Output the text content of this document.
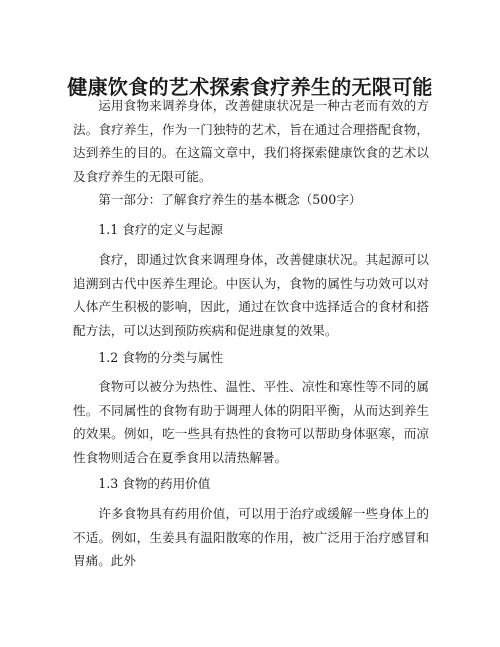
健康饮食的艺术探索食疗养生的无限可能

运用食物来调养身体，改善健康状况是一种古老而有效的方法。食疗养生，作为一门独特的艺术，旨在通过合理搭配食物，达到养生的目的。在这篇文章中，我们将探索健康饮食的艺术以及食疗养生的无限可能。

第一部分：了解食疗养生的基本概念（500字）

1.1 食疗的定义与起源

食疗，即通过饮食来调理身体，改善健康状况。其起源可以追溯到古代中医养生理论。中医认为，食物的属性与功效可以对人体产生积极的影响，因此，通过在饮食中选择适合的食材和搭配方法，可以达到预防疾病和促进康复的效果。

1.2 食物的分类与属性

食物可以被分为热性、温性、平性、凉性和寒性等不同的属性。不同属性的食物有助于调理人体的阴阳平衡，从而达到养生的效果。例如，吃一些具有热性的食物可以帮助身体驱寒，而凉性食物则适合在夏季食用以清热解暑。

1.3 食物的药用价值

许多食物具有药用价值，可以用于治疗或缓解一些身体上的不适。例如，生姜具有温阳散寒的作用，被广泛用于治疗感冒和胃痛。此外
